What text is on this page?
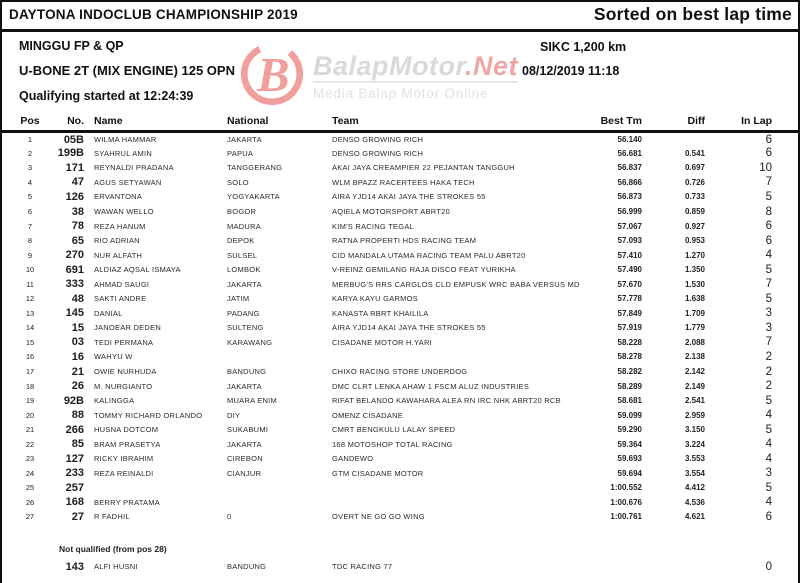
DAYTONA INDOCLUB CHAMPIONSHIP 2019	Sorted on best lap time
B BalapMotor.Net
Media Balap Motor Online
MINGGU FP & QP	SIKC 1,200 km
U-BONE 2T (MIX ENGINE) 125 OPN	08/12/2019 11:18
Qualifying started at 12:24:39
Pos	No.	Name	National	Team	Best Tm	Diff	In Lap
1	05B	WILMA HAMMAR	JAKARTA	DENSO GROWING RICH	56.140		6
2	199B	SYAHRUL AMIN	PAPUA	DENSO GROWING RICH	56.681	0.541	6
3	171	REYNALDI PRADANA	TANGGERANG	AKAI JAYA CREAMPIER 22 PEJANTAN TANGGUH	56.837	0.697	10
4	47	AGUS SETYAWAN	SOLO	WLM BPAZZ RACERTEES HAKA TECH	56.866	0.726	7
5	126	ERVANTONA	YOGYAKARTA	AIRA YJD14 AKAI JAYA THE STROKES 55	56.873	0.733	5
6	38	WAWAN WELLO	BOGOR	AQIELA MOTORSPORT ABRT20	56.999	0.859	8
7	78	REZA HANUM	MADURA	KIM'S RACING TEGAL	57.067	0.927	6
8	65	RIO ADRIAN	DEPOK	RATNA PROPERTI HDS RACING TEAM	57.093	0.953	6
9	270	NUR ALFATH	SULSEL	CID MANDALA UTAMA RACING TEAM PALU ABRT20	57.410	1.270	4
10	691	ALDIAZ AQSAL ISMAYA	LOMBOK	V-REINZ GEMILANG RAJA DISCO FEAT YURIKHA	57.490	1.350	5
11	333	AHMAD SAUGI	JAKARTA	MERBUG'S RRS CARGLOS CLD EMPUSK WRC BABA VERSUS MD	57.670	1.530	7
12	48	SAKTI ANDRE	JATIM	KARYA KAYU GARMOS	57.778	1.638	5
13	145	DANIAL	PADANG	KANASTA RBRT KHAILILA	57.849	1.709	3
14	15	JANOEAR DEDEN	SULTENG	AIRA YJD14 AKAI JAYA THE STROKES 55	57.919	1.779	3
15	03	TEDI PERMANA	KARAWANG	CISADANE MOTOR H.YARI	58.228	2.088	7
16	16	WAHYU W			58.278	2.138	2
17	21	OWIE NURHUDA	BANDUNG	CHIXO RACING STORE UNDERDOG	58.282	2.142	2
18	26	M. NURGIANTO	JAKARTA	DMC CLRT LENKA AHAW 1 FSCM ALUZ INDUSTRIES	58.289	2.149	2
19	92B	KALINGGA	MUARA ENIM	RIFAT BELANDO KAWAHARA ALEA RN IRC NHK ABRT20 RCB	58.681	2.541	5
20	88	TOMMY RICHARD ORLANDO	DIY	OMENZ CISADANE	59.099	2.959	4
21	266	HUSNA DOTCOM	SUKABUMI	CMRT BENGKULU LALAY SPEED	59.290	3.150	5
22	85	BRAM PRASETYA	JAKARTA	168 MOTOSHOP TOTAL RACING	59.364	3.224	4
23	127	RICKY IBRAHIM	CIREBON	GANDEWO	59.693	3.553	4
24	233	REZA REINALDI	CIANJUR	GTM CISADANE MOTOR	59.694	3.554	3
25	257				1:00.552	4.412	5
26	168	BERRY PRATAMA			1:00.676	4.536	4
27	27	R FADHIL	0	OVERT NE GO GO WING	1:00.761	4.621	6
Not qualified (from pos 28)
	143	ALFI HUSNI	BANDUNG	TDC RACING 77			0
